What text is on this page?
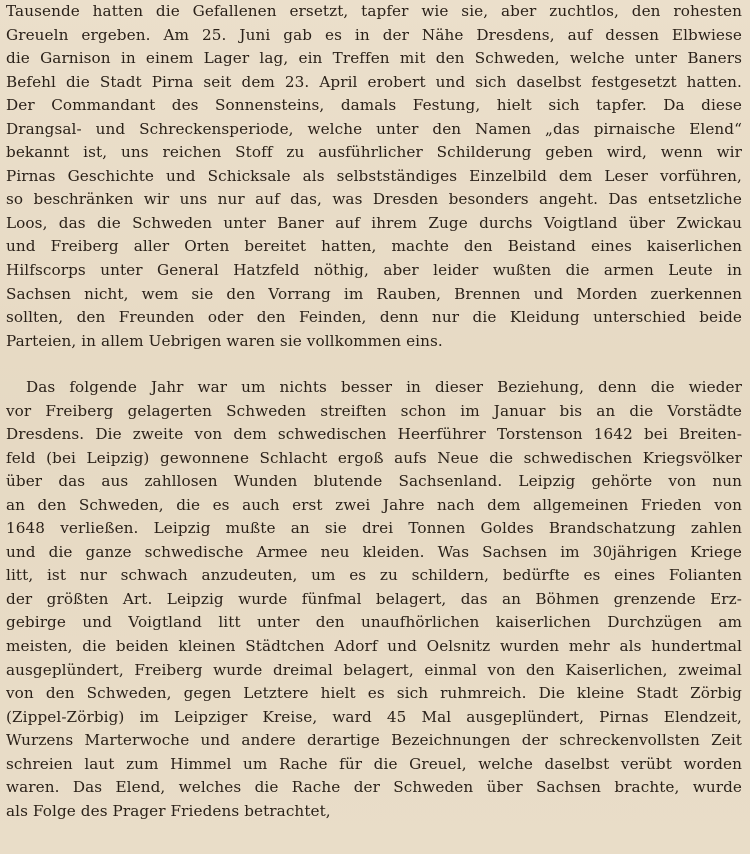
Tausende hatten die Gefallenen ersetzt, tapfer wie sie, aber zuchtlos, den rohesten
Greueln ergeben. Am 25. Juni gab es in der Nähe Dresdens, auf dessen Elbwiese
die Garnison in einem Lager lag, ein Treffen mit den Schweden, welche unter Baners
Befehl die Stadt Pirna seit dem 23. April erobert und sich daselbst festgesetzt hatten.
Der Commandant des Sonnensteins, damals Festung, hielt sich tapfer. Da diese
Drangsal- und Schreckensperiode, welche unter den Namen „das pirnaische Elend“
bekannt ist, uns reichen Stoff zu ausführlicher Schilderung geben wird, wenn wir
Pirnas Geschichte und Schicksale als selbstständiges Einzelbild dem Leser vorführen,
so beschränken wir uns nur auf das, was Dresden besonders angeht. Das entsetzliche
Loos, das die Schweden unter Baner auf ihrem Zuge durchs Voigtland über Zwickau
und Freiberg aller Orten bereitet hatten, machte den Beistand eines kaiserlichen
Hilfscorps unter General Hatzfeld nöthig, aber leider wußten die armen Leute in
Sachsen nicht, wem sie den Vorrang im Rauben, Brennen und Morden zuerkennen
sollten, den Freunden oder den Feinden, denn nur die Kleidung unterschied beide
Parteien, in allem Uebrigen waren sie vollkommen eins.
Das folgende Jahr war um nichts besser in dieser Beziehung, denn die wieder
vor Freiberg gelagerten Schweden streiften schon im Januar bis an die Vorstädte
Dresdens. Die zweite von dem schwedischen Heerführer Torstenson 1642 bei Breiten-
feld (bei Leipzig) gewonnene Schlacht ergoß aufs Neue die schwedischen Kriegsvölker
über das aus zahllosen Wunden blutende Sachsenland. Leipzig gehörte von nun
an den Schweden, die es auch erst zwei Jahre nach dem allgemeinen Frieden von
1648 verließen. Leipzig mußte an sie drei Tonnen Goldes Brandschatzung zahlen
und die ganze schwedische Armee neu kleiden. Was Sachsen im 30jährigen Kriege
litt, ist nur schwach anzudeuten, um es zu schildern, bedürfte es eines Folianten
der größten Art. Leipzig wurde fünfmal belagert, das an Böhmen grenzende Erz-
gebirge und Voigtland litt unter den unaufhörlichen kaiserlichen Durchzügen am
meisten, die beiden kleinen Städtchen Adorf und Oelsnitz wurden mehr als hundertmal
ausgeplündert, Freiberg wurde dreimal belagert, einmal von den Kaiserlichen, zweimal
von den Schweden, gegen Letztere hielt es sich ruhmreich. Die kleine Stadt Zörbig
(Zippel-Zörbig) im Leipziger Kreise, ward 45 Mal ausgeplündert, Pirnas Elendzeit,
Wurzens Marterwoche und andere derartige Bezeichnungen der schreckenvollsten Zeit
schreien laut zum Himmel um Rache für die Greuel, welche daselbst verübt worden
waren. Das Elend, welches die Rache der Schweden über Sachsen brachte, wurde
als Folge des Prager Friedens betrachtet,
